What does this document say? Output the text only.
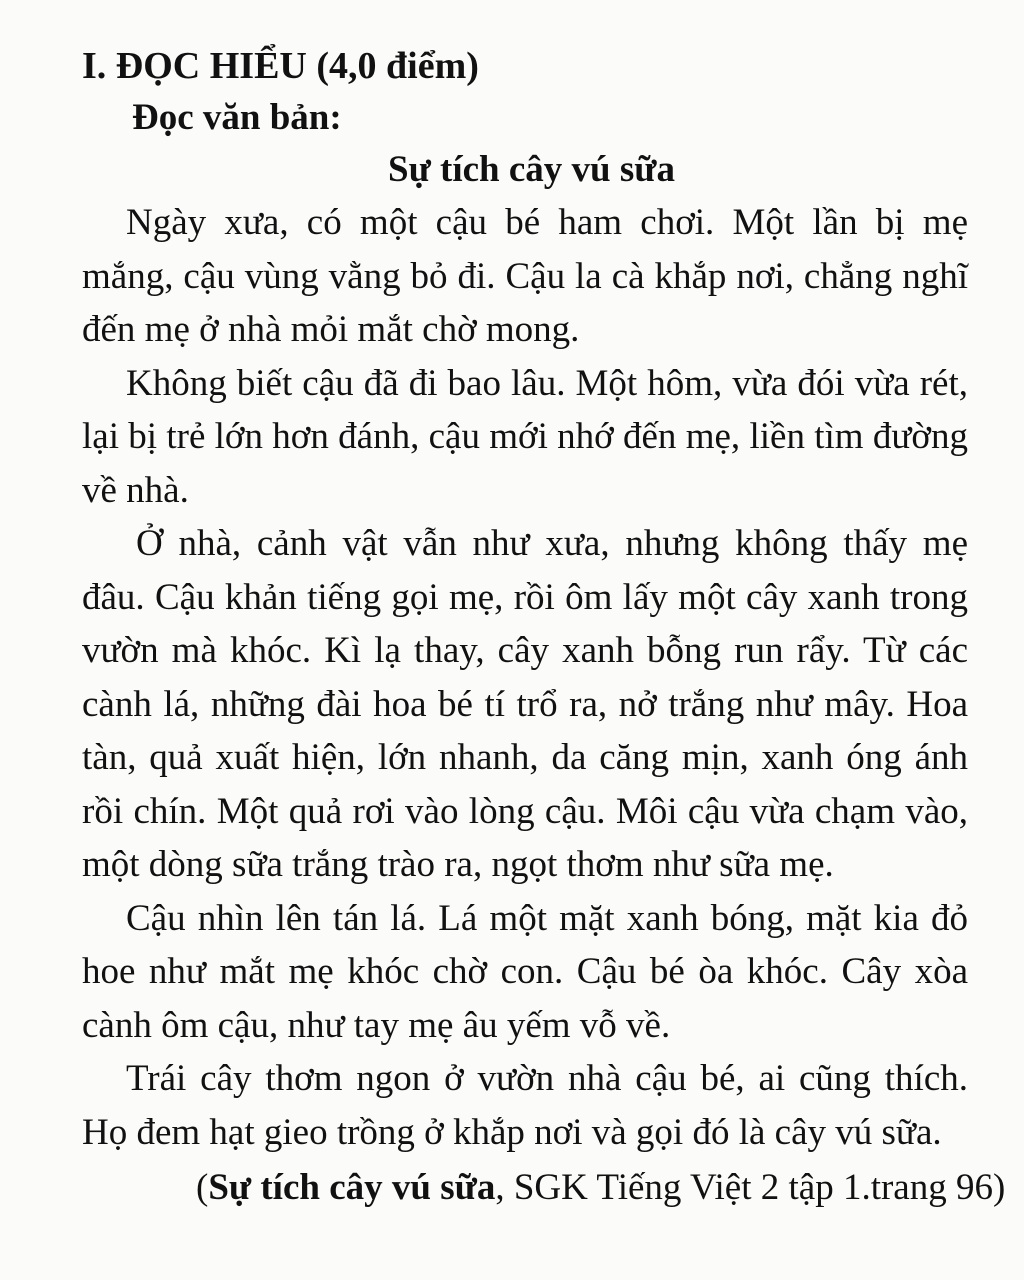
I. ĐỌC HIỂU (4,0 điểm)
Đọc văn bản:
Sự tích cây vú sữa

Ngày xưa, có một cậu bé ham chơi. Một lần bị mẹ mắng, cậu vùng vằng bỏ đi. Cậu la cà khắp nơi, chẳng nghĩ đến mẹ ở nhà mỏi mắt chờ mong.

Không biết cậu đã đi bao lâu. Một hôm, vừa đói vừa rét, lại bị trẻ lớn hơn đánh, cậu mới nhớ đến mẹ, liền tìm đường về nhà.

Ở nhà, cảnh vật vẫn như xưa, nhưng không thấy mẹ đâu. Cậu khản tiếng gọi mẹ, rồi ôm lấy một cây xanh trong vườn mà khóc. Kì lạ thay, cây xanh bỗng run rẩy. Từ các cành lá, những đài hoa bé tí trổ ra, nở trắng như mây. Hoa tàn, quả xuất hiện, lớn nhanh, da căng mịn, xanh óng ánh rồi chín. Một quả rơi vào lòng cậu. Môi cậu vừa chạm vào, một dòng sữa trắng trào ra, ngọt thơm như sữa mẹ.

Cậu nhìn lên tán lá. Lá một mặt xanh bóng, mặt kia đỏ hoe như mắt mẹ khóc chờ con. Cậu bé òa khóc. Cây xòa cành ôm cậu, như tay mẹ âu yếm vỗ về.

Trái cây thơm ngon ở vườn nhà cậu bé, ai cũng thích. Họ đem hạt gieo trồng ở khắp nơi và gọi đó là cây vú sữa.

(Sự tích cây vú sữa, SGK Tiếng Việt 2 tập 1.trang 96)
